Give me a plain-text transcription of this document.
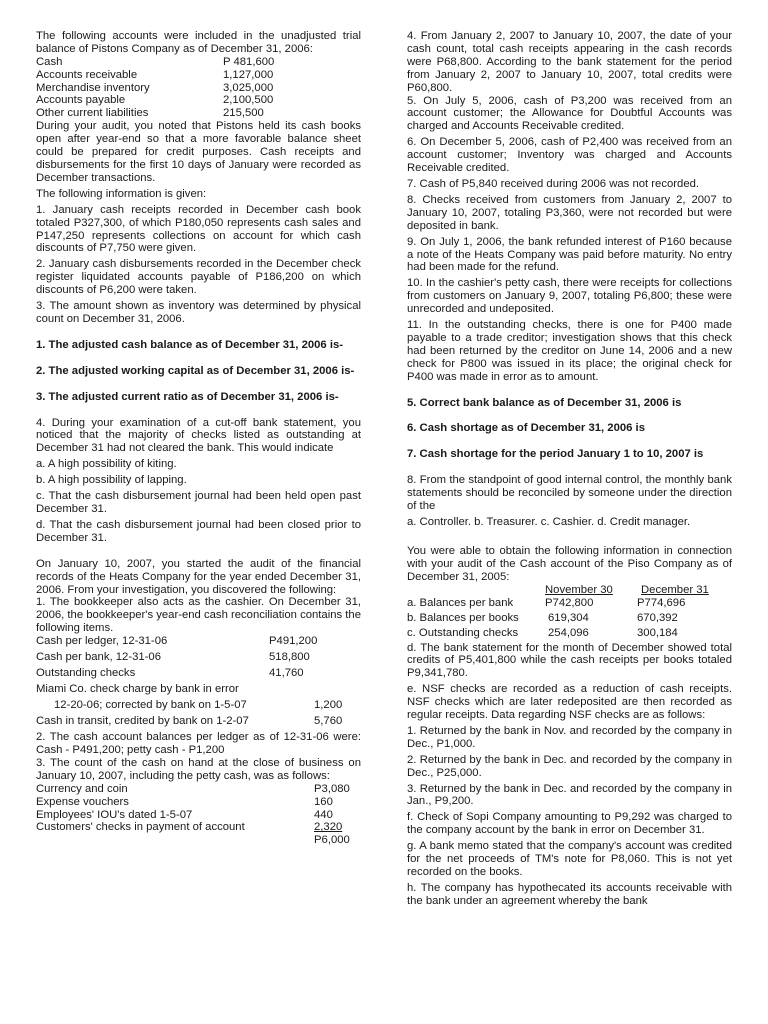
The following accounts were included in the unadjusted trial balance of Pistons Company as of December 31, 2006:

Cash	P 481,600
Accounts receivable	1,127,000
Merchandise inventory	3,025,000
Accounts payable	2,100,500
Other current liabilities	215,500

During your audit, you noted that Pistons held its cash books open after year-end so that a more favorable balance sheet could be prepared for credit purposes. Cash receipts and disbursements for the first 10 days of January were recorded as December transactions.

The following information is given:

1. January cash receipts recorded in December cash book totaled P327,300, of which P180,050 represents cash sales and P147,250 represents collections on account for which cash discounts of P7,750 were given.

2. January cash disbursements recorded in the December check register liquidated accounts payable of P186,200 on which discounts of P6,200 were taken.

3. The amount shown as inventory was determined by physical count on December 31, 2006.

1. The adjusted cash balance as of December 31, 2006 is-

2. The adjusted working capital as of December 31, 2006 is-

3. The adjusted current ratio as of December 31, 2006 is-

4. During your examination of a cut-off bank statement, you noticed that the majority of checks listed as outstanding at December 31 had not cleared the bank. This would indicate

a. A high possibility of kiting.

b. A high possibility of lapping.

c. That the cash disbursement journal had been held open past December 31.

d. That the cash disbursement journal had been closed prior to December 31.

On January 10, 2007, you started the audit of the financial records of the Heats Company for the year ended December 31, 2006. From your investigation, you discovered the following:

1. The bookkeeper also acts as the cashier. On December 31, 2006, the bookkeeper's year-end cash reconciliation contains the following items.

Cash per ledger, 12-31-06	P491,200
Cash per bank, 12-31-06	518,800
Outstanding checks	41,760
Miami Co. check charge by bank in error
12-20-06; corrected by bank on 1-5-07	1,200
Cash in transit, credited by bank on 1-2-07	5,760

2. The cash account balances per ledger as of 12-31-06 were: Cash - P491,200; petty cash - P1,200

3. The count of the cash on hand at the close of business on January 10, 2007, including the petty cash, was as follows:

Currency and coin	P3,080
Expense vouchers	160
Employees' IOU's dated 1-5-07	440
Customers' checks in payment of account	2,320
P6,000

4. From January 2, 2007 to January 10, 2007, the date of your cash count, total cash receipts appearing in the cash records were P68,800. According to the bank statement for the period from January 2, 2007 to January 10, 2007, total credits were P60,800.

5. On July 5, 2006, cash of P3,200 was received from an account customer; the Allowance for Doubtful Accounts was charged and Accounts Receivable credited.

6. On December 5, 2006, cash of P2,400 was received from an account customer; Inventory was charged and Accounts Receivable credited.

7. Cash of P5,840 received during 2006 was not recorded.

8. Checks received from customers from January 2, 2007 to January 10, 2007, totaling P3,360, were not recorded but were deposited in bank.

9. On July 1, 2006, the bank refunded interest of P160 because a note of the Heats Company was paid before maturity. No entry had been made for the refund.

10. In the cashier's petty cash, there were receipts for collections from customers on January 9, 2007, totaling P6,800; these were unrecorded and undeposited.

11. In the outstanding checks, there is one for P400 made payable to a trade creditor; investigation shows that this check had been returned by the creditor on June 14, 2006 and a new check for P800 was issued in its place; the original check for P400 was made in error as to amount.

5. Correct bank balance as of December 31, 2006 is

6. Cash shortage as of December 31, 2006 is

7. Cash shortage for the period January 1 to 10, 2007 is

8. From the standpoint of good internal control, the monthly bank statements should be reconciled by someone under the direction of the

a. Controller. b. Treasurer. c. Cashier. d. Credit manager.

You were able to obtain the following information in connection with your audit of the Cash account of the Piso Company as of December 31, 2005:

November 30 December 31
a. Balances per bank	P742,800	P774,696
b. Balances per books	619,304	670,392
c. Outstanding checks	254,096	300,184

d. The bank statement for the month of December showed total credits of P5,401,800 while the cash receipts per books totaled P9,341,780.

e. NSF checks are recorded as a reduction of cash receipts. NSF checks which are later redeposited are then recorded as regular receipts. Data regarding NSF checks are as follows:

1. Returned by the bank in Nov. and recorded by the company in Dec., P1,000.

2. Returned by the bank in Dec. and recorded by the company in Dec., P25,000.

3. Returned by the bank in Dec. and recorded by the company in Jan., P9,200.

f. Check of Sopi Company amounting to P9,292 was charged to the company account by the bank in error on December 31.

g. A bank memo stated that the company's account was credited for the net proceeds of TM's note for P8,060. This is not yet recorded on the books.

h. The company has hypothecated its accounts receivable with the bank under an agreement whereby the bank
